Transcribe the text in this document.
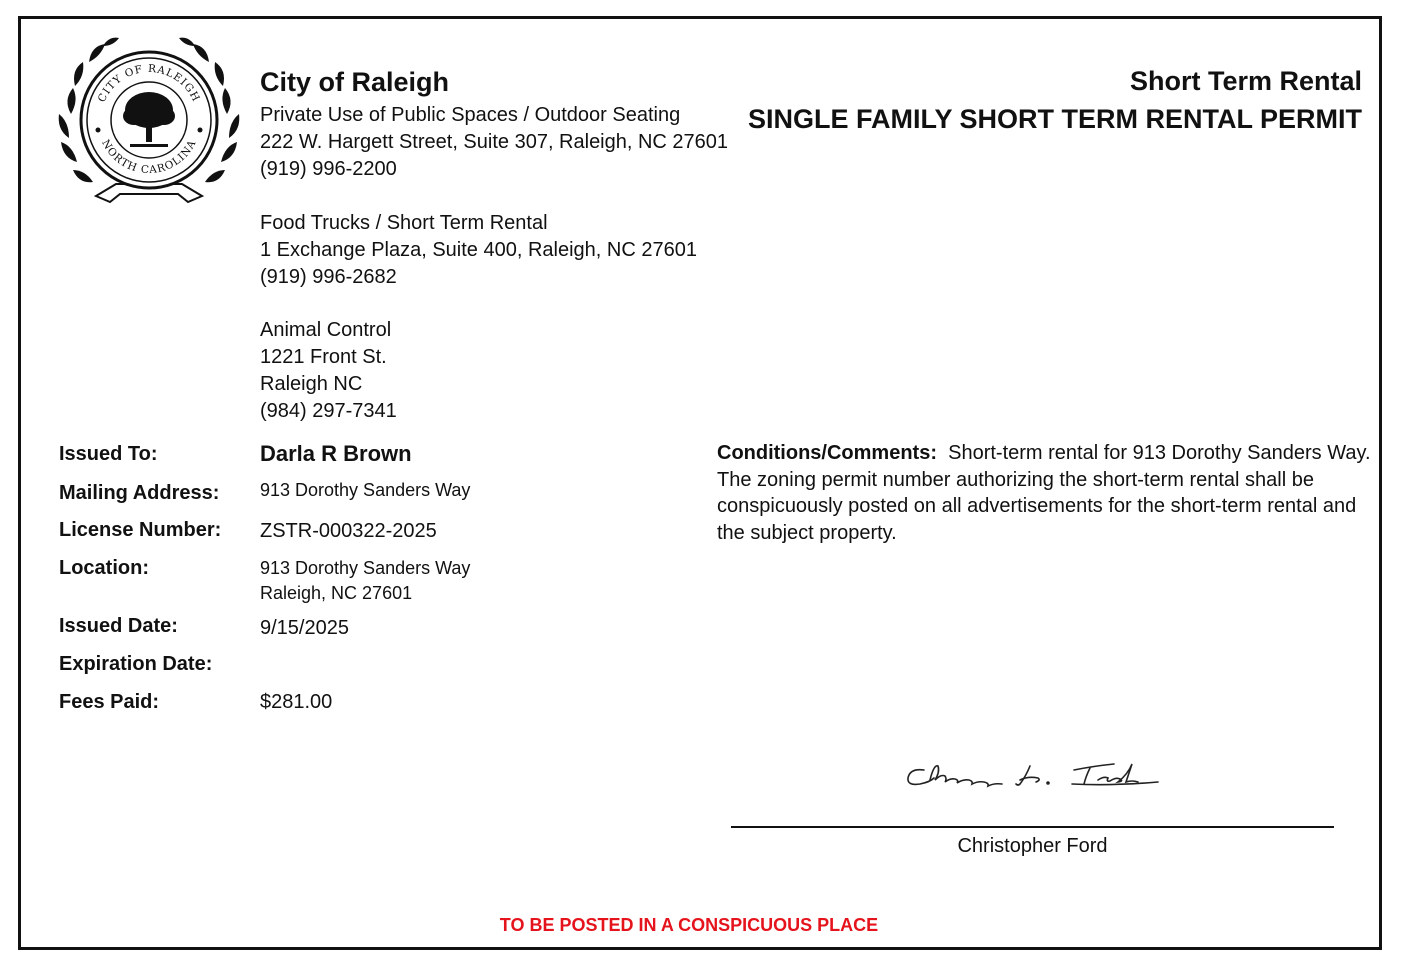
CITY OF RALEIGH
NORTH CAROLINA
City of Raleigh
Private Use of Public Spaces / Outdoor Seating
222 W. Hargett Street, Suite 307, Raleigh, NC 27601
(919) 996-2200
Food Trucks / Short Term Rental
1 Exchange Plaza, Suite 400, Raleigh, NC 27601
(919) 996-2682
Animal Control
1221 Front St.
Raleigh NC
(984) 297-7341
Short Term Rental
SINGLE FAMILY SHORT TERM RENTAL PERMIT
Issued To:	Darla R Brown
Mailing Address: 913 Dorothy Sanders Way
License Number: ZSTR-000322-2025
Location:	913 Dorothy Sanders Way
Raleigh, NC 27601
Issued Date:	9/15/2025
Expiration Date:
Fees Paid:	$281.00
Conditions/Comments: Short-term rental for 913 Dorothy Sanders Way. The zoning permit number authorizing the short-term rental shall be conspicuously posted on all advertisements for the short-term rental and the subject property.
Christopher Ford
TO BE POSTED IN A CONSPICUOUS PLACE
